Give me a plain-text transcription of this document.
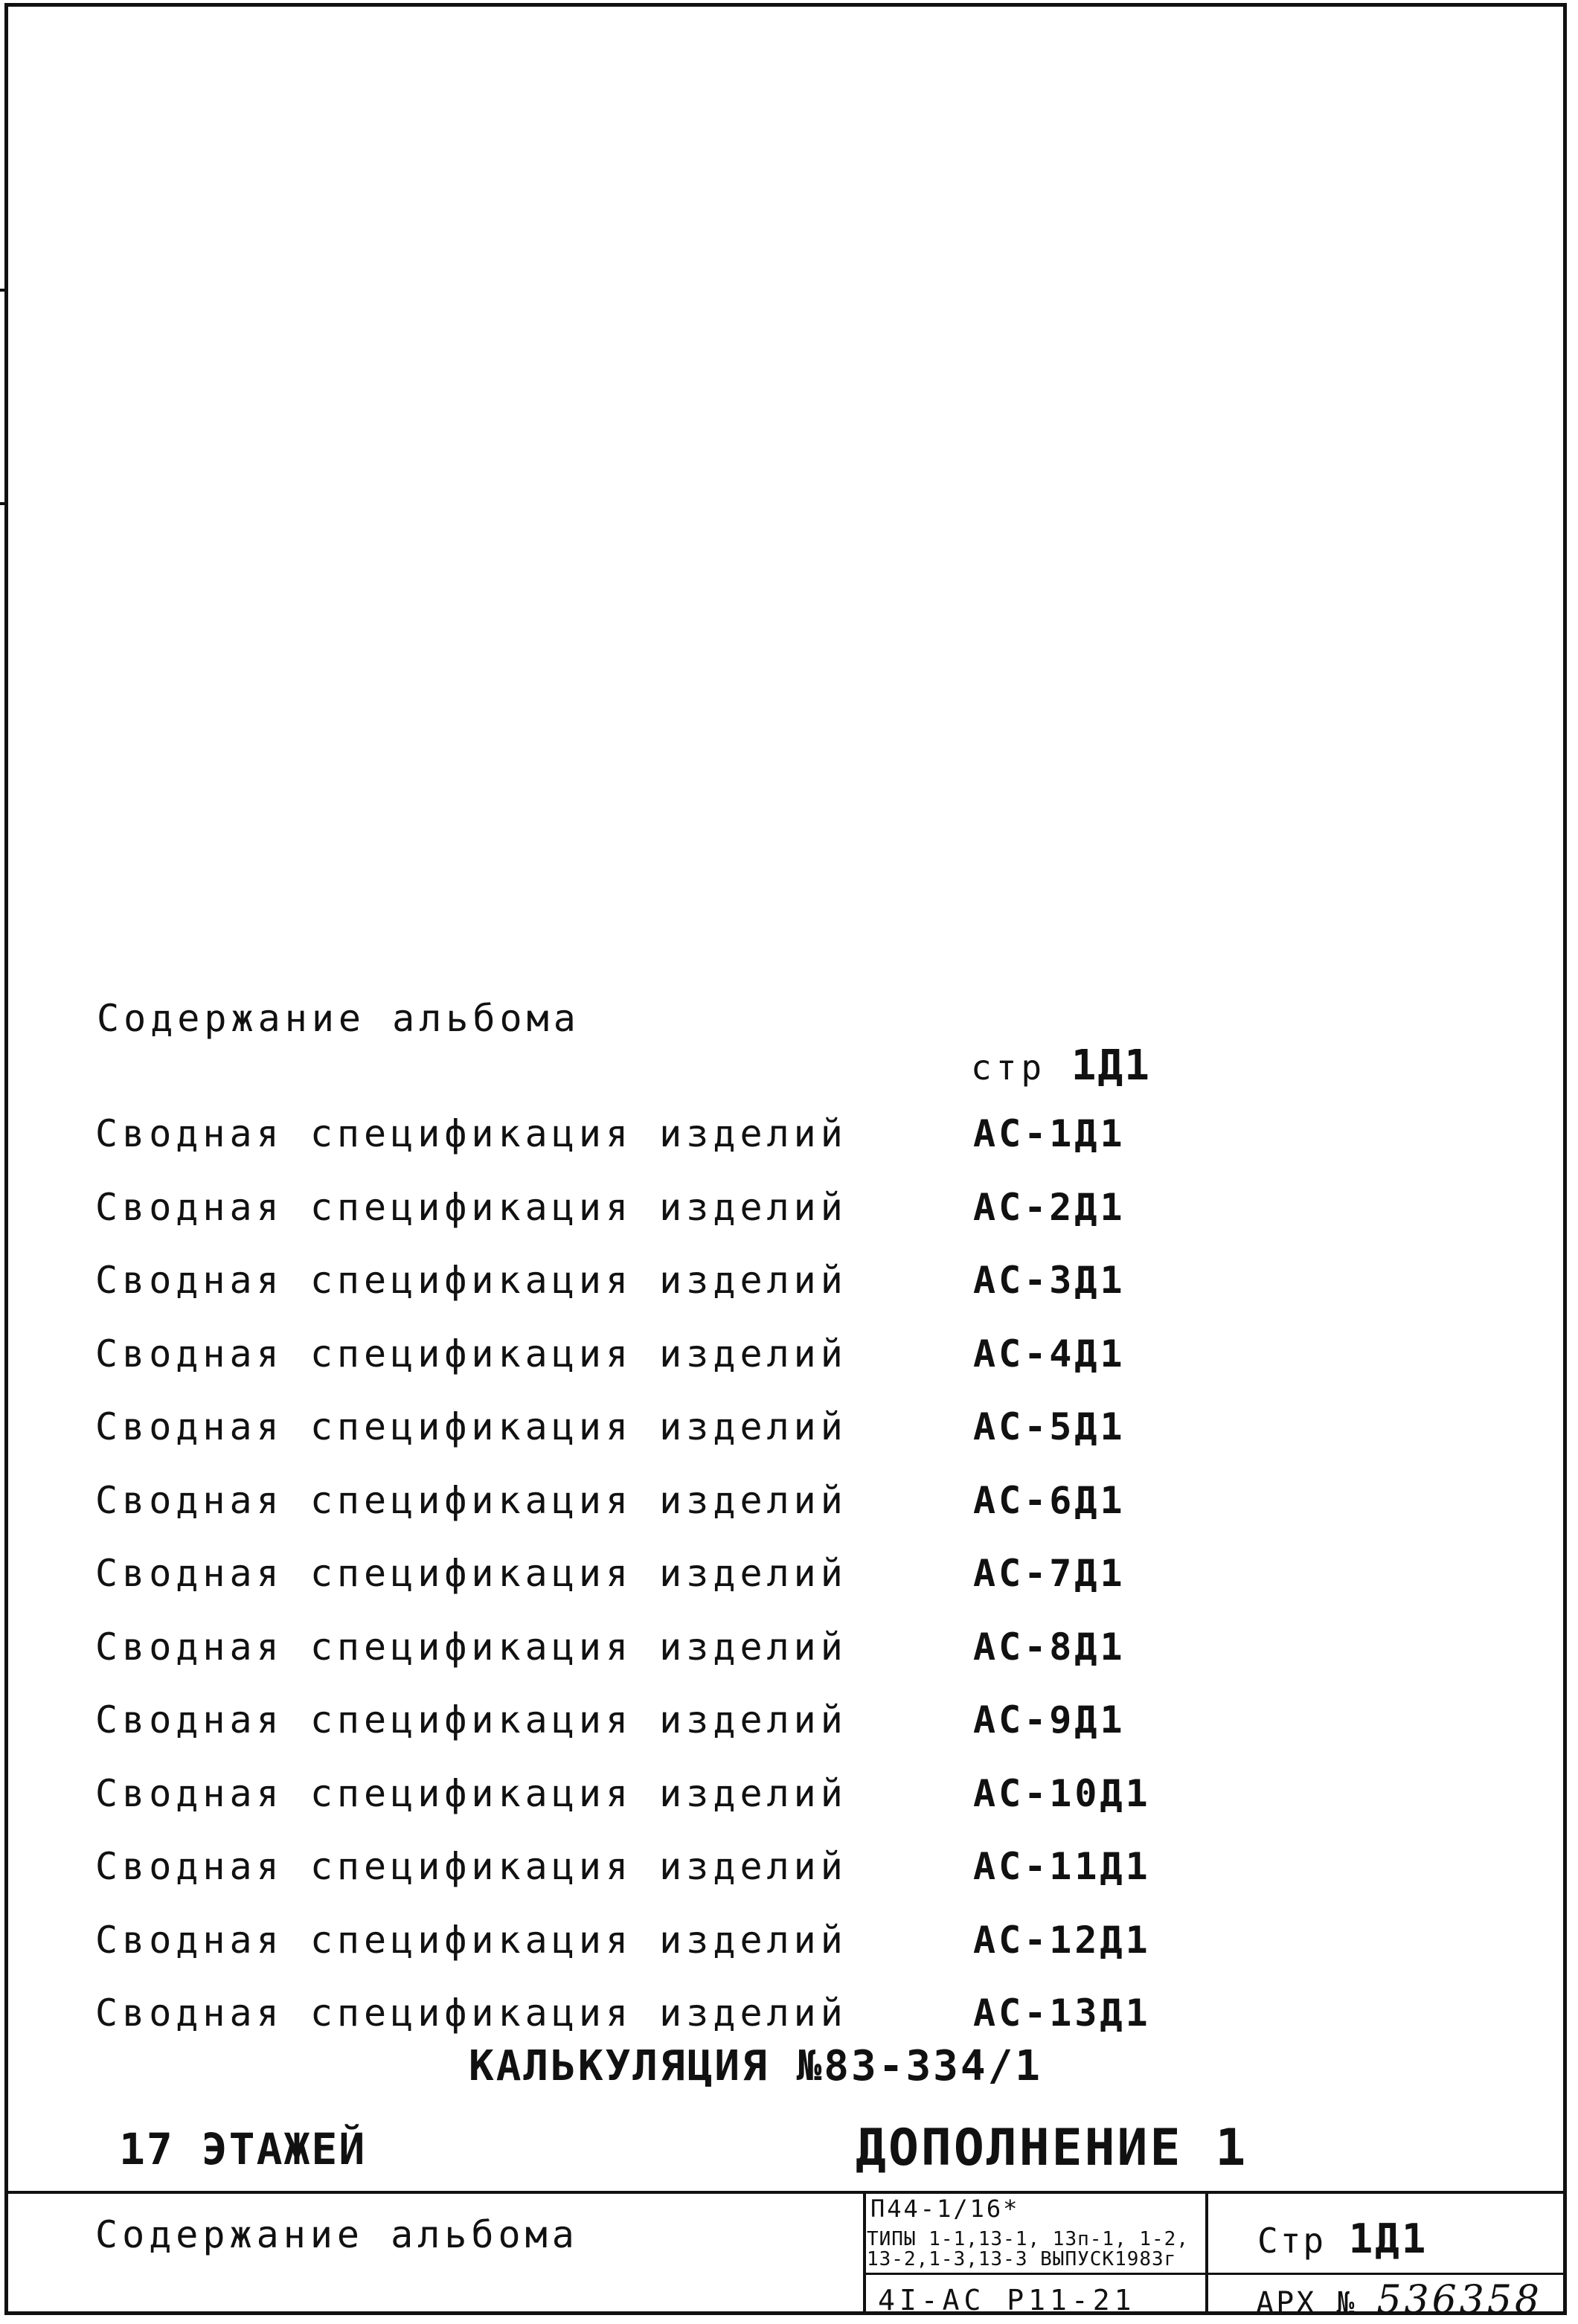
Содержание альбома
стр 1Д1
Сводная спецификация изделий	АС-1Д1
Сводная спецификация изделий	АС-2Д1
Сводная спецификация изделий	АС-3Д1
Сводная спецификация изделий	АС-4Д1
Сводная спецификация изделий	АС-5Д1
Сводная спецификация изделий	АС-6Д1
Сводная спецификация изделий	АС-7Д1
Сводная спецификация изделий	АС-8Д1
Сводная спецификация изделий	АС-9Д1
Сводная спецификация изделий	АС-10Д1
Сводная спецификация изделий	АС-11Д1
Сводная спецификация изделий	АС-12Д1
Сводная спецификация изделий	АС-13Д1
КАЛЬКУЛЯЦИЯ №83-334/1
17 ЭТАЖЕЙ	ДОПОЛНЕНИЕ 1
Содержание альбома
П44-1/16*
ТИПЫ 1-1,13-1, 13п-1, 1-2,
13-2,1-3,13-3 ВЫПУСК1983г
4I-AC P11-21
Стр 1Д1
АРХ № 536358
